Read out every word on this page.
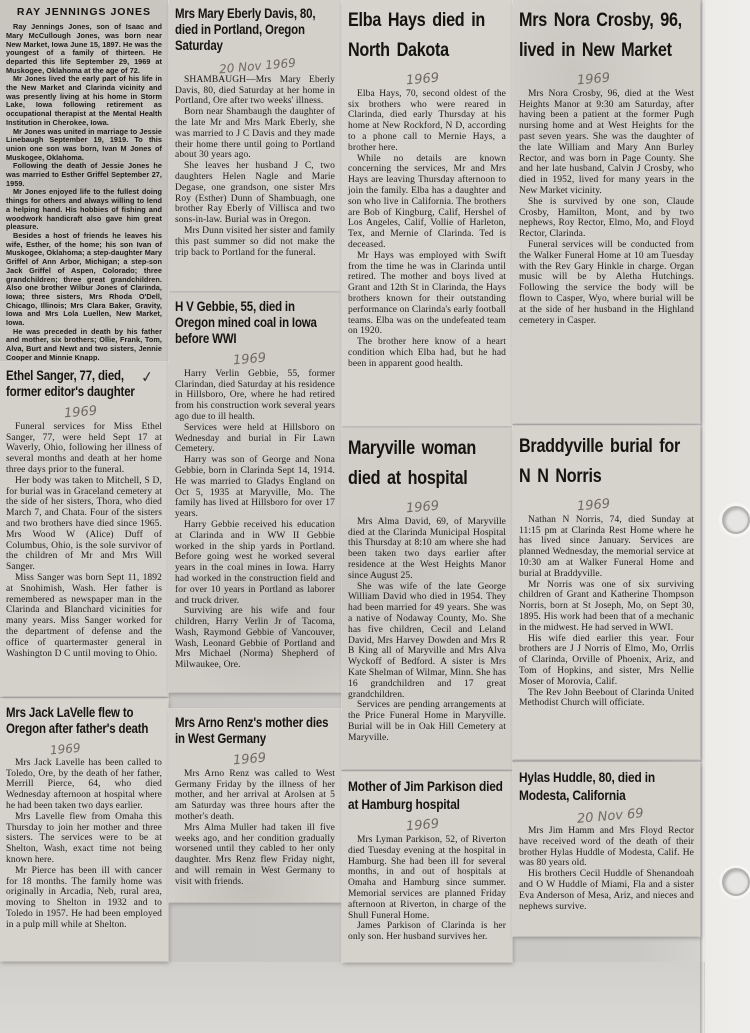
RAY JENNINGS JONES

Ray Jennings Jones, son of Isaac and Mary McCullough Jones, was born near New Market, Iowa June 15, 1897. He was the youngest of a family of thirteen. He departed this life September 29, 1969 at Muskogee, Oklahoma at the age of 72.

Mr Jones lived the early part of his life in the New Market and Clarinda vicinity and was presently living at his home in Storm Lake, Iowa following retirement as occupational therapist at the Mental Health Institution in Cherokee, Iowa.

Mr Jones was united in marriage to Jessie Linebaugh September 19, 1919. To this union one son was born, Ivan M Jones of Muskogee, Oklahoma.

Following the death of Jessie Jones he was married to Esther Griffel September 27, 1959.

Mr Jones enjoyed life to the fullest doing things for others and always willing to lend a helping hand. His hobbies of fishing and woodwork handicraft also gave him great pleasure.

Besides a host of friends he leaves his wife, Esther, of the home; his son Ivan of Muskogee, Oklahoma; a step-daughter Mary Griffel of Ann Arbor, Michigan; a step-son Jack Griffel of Aspen, Colorado; three grandchildren; three great grandchildren. Also one brother Wilbur Jones of Clarinda, Iowa; three sisters, Mrs Rhoda O'Dell, Chicago, Illinois; Mrs Clara Baker, Gravity, Iowa and Mrs Lola Luellen, New Market, Iowa.

He was preceded in death by his father and mother, six brothers; Ollie, Frank, Tom, Alva, Burt and Newt and two sisters, Jennie Cooper and Minnie Knapp.

✓
Ethel Sanger, 77, died, former editor's daughter
1969

Funeral services for Miss Ethel Sanger, 77, were held Sept 17 at Waverly, Ohio, following her illness of several months and death at her home three days prior to the funeral.

Her body was taken to Mitchell, S D, for burial was in Graceland cemetery at the side of her sisters, Thora, who died March 7, and Chata. Four of the sisters and two brothers have died since 1965. Mrs Wood W (Alice) Duff of Columbus, Ohio, is the sole survivor of the children of Mr and Mrs Will Sanger.

Miss Sanger was born Sept 11, 1892 at Snohimish, Wash. Her father is remembered as newspaper man in the Clarinda and Blanchard vicinities for many years. Miss Sanger worked for the department of defense and the office of quartermaster general in Washington D C until moving to Ohio.

Mrs Jack LaVelle flew to Oregon after father's death
1969

Mrs Jack Lavelle has been called to Toledo, Ore, by the death of her father, Merrill Pierce, 64, who died Wednesday afternoon at hospital where he had been taken two days earlier.

Mrs Lavelle flew from Omaha this Thursday to join her mother and three sisters. The services were to be at Shelton, Wash, exact time not being known here.

Mr Pierce has been ill with cancer for 18 months. The family home was originally in Arcadia, Neb, rural area, moving to Shelton in 1932 and to Toledo in 1957. He had been employed in a pulp mill while at Shelton.

Mrs Mary Eberly Davis, 80, died in Portland, Oregon Saturday
20 Nov 1969

SHAMBAUGH—Mrs Mary Eberly Davis, 80, died Saturday at her home in Portland, Ore after two weeks' illness.

Born near Shambaugh the daughter of the late Mr and Mrs Mark Eberly, she was married to J C Davis and they made their home there until going to Portland about 30 years ago.

She leaves her husband J C, two daughters Helen Nagle and Marie Degase, one grandson, one sister Mrs Roy (Esther) Dunn of Shambuagh, one brother Ray Eberly of Villisca and two sons-in-law. Burial was in Oregon.

Mrs Dunn visited her sister and family this past summer so did not make the trip back to Portland for the funeral.

H V Gebbie, 55, died in Oregon mined coal in Iowa before WWI
1969

Harry Verlin Gebbie, 55, former Clarindan, died Saturday at his residence in Hillsboro, Ore, where he had retired from his construction work several years ago due to ill health.

Services were held at Hillsboro on Wednesday and burial in Fir Lawn Cemetery.

Harry was son of George and Nona Gebbie, born in Clarinda Sept 14, 1914. He was married to Gladys England on Oct 5, 1935 at Maryville, Mo. The family has lived at Hillsboro for over 17 years.

Harry Gebbie received his education at Clarinda and in WW II Gebbie worked in the ship yards in Portland. Before going west he worked several years in the coal mines in Iowa. Harry had worked in the construction field and for over 10 years in Portland as laborer and truck driver.

Surviving are his wife and four children, Harry Verlin Jr of Tacoma, Wash, Raymond Gebbie of Vancouver, Wash, Leonard Gebbie of Portland and Mrs Michael (Norma) Shepherd of Milwaukee, Ore.

Mrs Arno Renz's mother dies in West Germany
1969

Mrs Arno Renz was called to West Germany Friday by the illness of her mother, and her arrival at Arolsen at 5 am Saturday was three hours after the mother's death.

Mrs Alma Muller had taken ill five weeks ago, and her condition gradually worsened until they cabled to her only daughter. Mrs Renz flew Friday night, and will remain in West Germany to visit with friends.

Elba Hays died in North Dakota
1969

Elba Hays, 70, second oldest of the six brothers who were reared in Clarinda, died early Thursday at his home at New Rockford, N D, according to a phone call to Mernie Hays, a brother here.

While no details are known concerning the services, Mr and Mrs Hays are leaving Thursday afternoon to join the family. Elba has a daughter and son who live in California. The brothers are Bob of Kingburg, Calif, Hershel of Los Angeles, Calif, Vollie of Harleton, Tex, and Mernie of Clarinda. Ted is deceased.

Mr Hays was employed with Swift from the time he was in Clarinda until retired. The mother and boys lived at Grant and 12th St in Clarinda, the Hays brothers known for their outstanding performance on Clarinda's early football teams. Elba was on the undefeated team on 1920.

The brother here know of a heart condition which Elba had, but he had been in apparent good health.

Maryville woman died at hospital
1969

Mrs Alma David, 69, of Maryville died at the Clarinda Municipal Hospital this Thursday at 8:10 am where she had been taken two days earlier after residence at the West Heights Manor since August 25.

She was wife of the late George William David who died in 1954. They had been married for 49 years. She was a native of Nodaway County, Mo. She has five children, Cecil and Leland David, Mrs Harvey Dowden and Mrs R B King all of Maryville and Mrs Alva Wyckoff of Bedford. A sister is Mrs Kate Shelman of Wilmar, Minn. She has 16 grandchildren and 17 great grandchildren.

Services are pending arrangements at the Price Funeral Home in Maryville. Burial will be in Oak Hill Cemetery at Maryville.

Mother of Jim Parkison died at Hamburg hospital
1969

Mrs Lyman Parkison, 52, of Riverton died Tuesday evening at the hospital in Hamburg. She had been ill for several months, in and out of hospitals at Omaha and Hamburg since summer. Memorial services are planned Friday afternoon at Riverton, in charge of the Shull Funeral Home.

James Parkison of Clarinda is her only son. Her husband survives her.

Mrs Nora Crosby, 96, lived in New Market
1969

Mrs Nora Crosby, 96, died at the West Heights Manor at 9:30 am Saturday, after having been a patient at the former Pugh nursing home and at West Heights for the past seven years. She was the daughter of the late William and Mary Ann Burley Rector, and was born in Page County. She and her late husband, Calvin J Crosby, who died in 1952, lived for many years in the New Market vicinity.

She is survived by one son, Claude Crosby, Hamilton, Mont, and by two nephews, Roy Rector, Elmo, Mo, and Floyd Rector, Clarinda.

Funeral services will be conducted from the Walker Funeral Home at 10 am Tuesday with the Rev Gary Hinkle in charge. Organ music will be by Aletha Hutchings. Following the service the body will be flown to Casper, Wyo, where burial will be at the side of her husband in the Highland cemetery in Casper.

Braddyville burial for N N Norris
1969

Nathan N Norris, 74, died Sunday at 11:15 pm at Clarinda Rest Home where he has lived since January. Services are planned Wednesday, the memorial service at 10:30 am at Walker Funeral Home and burial at Braddyville.

Mr Norris was one of six surviving children of Grant and Katherine Thompson Norris, born at St Joseph, Mo, on Sept 30, 1895. His work had been that of a mechanic in the midwest. He had served in WWI.

His wife died earlier this year. Four brothers are J J Norris of Elmo, Mo, Orrlis of Clarinda, Orville of Phoenix, Ariz, and Tom of Hopkins, and sister, Mrs Nellie Moser of Morovia, Calif.

The Rev John Beebout of Clarinda United Methodist Church will officiate.

Hylas Huddle, 80, died in Modesta, California
20 Nov 69

Mrs Jim Hamm and Mrs Floyd Rector have received word of the death of their brother Hylas Huddle of Modesta, Calif. He was 80 years old.

His brothers Cecil Huddle of Shenandoah and O W Huddle of Miami, Fla and a sister Eva Anderson of Mesa, Ariz, and nieces and nephews survive.
